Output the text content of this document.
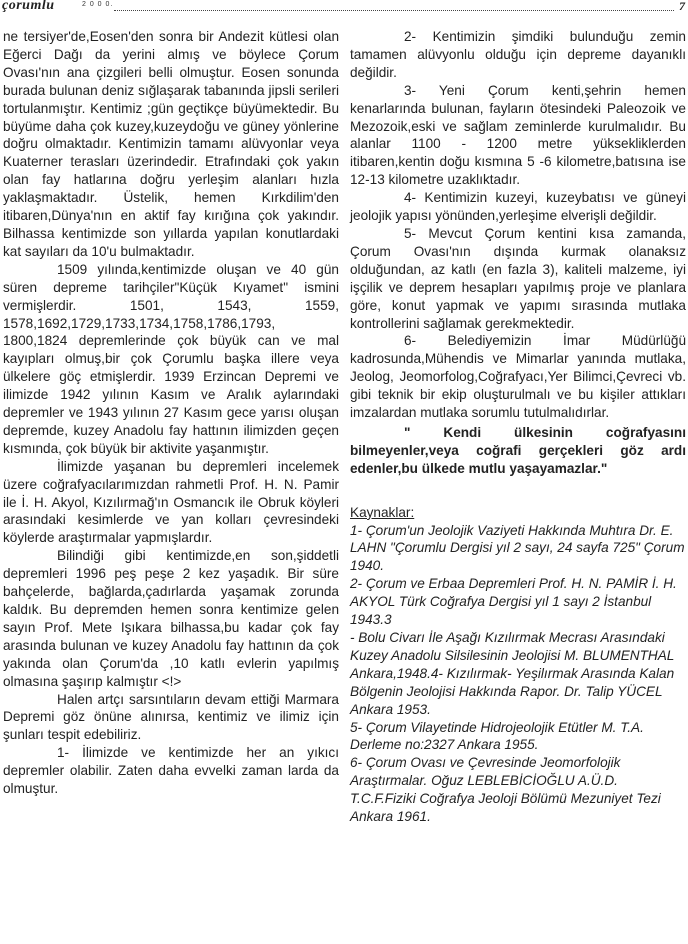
çorumlu	2 0 0 0.	7

ne tersiyer'de,Eosen'den sonra bir Andezit kütlesi olan Eğerci Dağı da yerini almış ve böylece Çorum Ovası'nın ana çizgileri belli olmuştur. Eosen sonunda burada bulunan deniz sığlaşarak tabanında jipsli serileri tortulanmıştır. Kentimiz ;gün geçtikçe büyümektedir. Bu büyüme daha çok kuzey,kuzeydoğu ve güney yönlerine doğru olmaktadır. Kentimizin tamamı alüvyonlar veya Kuaterner terasları üzerindedir. Etrafındaki çok yakın olan fay hatlarına doğru yerleşim alanları hızla yaklaşmaktadır. Üstelik, hemen Kırkdilim'den itibaren,Dünya'nın en aktif fay kırığına çok yakındır. Bilhassa kentimizde son yıllarda yapılan konutlardaki kat sayıları da 10'u bulmaktadır.

1509 yılında,kentimizde oluşan ve 40 gün süren depreme tarihçiler"Küçük Kıyamet" ismini vermişlerdir. 1501, 1543, 1559, 1578,1692,1729,1733,1734,1758,1786,1793, 1800,1824 depremlerinde çok büyük can ve mal kayıpları olmuş,bir çok Çorumlu başka illere veya ülkelere göç etmişlerdir. 1939 Erzincan Depremi ve ilimizde 1942 yılının Kasım ve Aralık aylarındaki depremler ve 1943 yılının 27 Kasım gece yarısı oluşan depremde, kuzey Anadolu fay hattının ilimizden geçen kısmında, çok büyük bir aktivite yaşanmıştır.

İlimizde yaşanan bu depremleri incelemek üzere coğrafyacılarımızdan rahmetli Prof. H. N. Pamir ile İ. H. Akyol, Kızılırmağ'ın Osmancık ile Obruk köyleri arasındaki kesimlerde ve yan kolları çevresindeki köylerde araştırmalar yapmışlardır.

Bilindiği gibi kentimizde,en son,şiddetli depremleri 1996 peş peşe 2 kez yaşadık. Bir süre bahçelerde, bağlarda,çadırlarda yaşamak zorunda kaldık. Bu depremden hemen sonra kentimize gelen sayın Prof. Mete Işıkara bilhassa,bu kadar çok fay arasında bulunan ve kuzey Anadolu fay hattının da çok yakında olan Çorum'da ,10 katlı evlerin yapılmış olmasına şaşırıp kalmıştır <!>

Halen artçı sarsıntıların devam ettiği Marmara Depremi göz önüne alınırsa, kentimiz ve ilimiz için şunları tespit edebiliriz.

1- İlimizde ve kentimizde her an yıkıcı depremler olabilir. Zaten daha evvelki zaman larda da olmuştur.

2- Kentimizin şimdiki bulunduğu zemin tamamen alüvyonlu olduğu için depreme dayanıklı değildir.

3- Yeni Çorum kenti,şehrin hemen kenarlarında bulunan, fayların ötesindeki Paleozoik ve Mezozoik,eski ve sağlam zeminlerde kurulmalıdır. Bu alanlar 1100 - 1200 metre yüksekliklerden itibaren,kentin doğu kısmına 5 -6 kilometre,batısına ise 12-13 kilometre uzaklıktadır.

4- Kentimizin kuzeyi, kuzeybatısı ve güneyi jeolojik yapısı yönünden,yerleşime elverişli değildir.

5- Mevcut Çorum kentini kısa zamanda, Çorum Ovası'nın dışında kurmak olanaksız olduğundan, az katlı (en fazla 3), kaliteli malzeme, iyi işçilik ve deprem hesapları yapılmış proje ve planlara göre, konut yapmak ve yapımı sırasında mutlaka kontrollerini sağlamak gerekmektedir.

6- Belediyemizin İmar Müdürlüğü kadrosunda,Mühendis ve Mimarlar yanında mutlaka, Jeolog, Jeomorfolog,Coğrafyacı,Yer Bilimci,Çevreci vb. gibi teknik bir ekip oluşturulmalı ve bu kişiler attıkları imzalardan mutlaka sorumlu tutulmalıdırlar.

" Kendi ülkesinin coğrafyasını bilmeyenler,veya coğrafi gerçekleri göz ardı edenler,bu ülkede mutlu yaşayamazlar."

Kaynaklar:

1- Çorum'un Jeolojik Vaziyeti Hakkında Muhtıra Dr. E. LAHN "Çorumlu Dergisi yıl 2 sayı, 24 sayfa 725" Çorum 1940.

2- Çorum ve Erbaa Depremleri Prof. H. N. PAMİR İ. H. AKYOL Türk Coğrafya Dergisi yıl 1 sayı 2 İstanbul 1943.3

- Bolu Civarı İle Aşağı Kızılırmak Mecrası Arasındaki Kuzey Anadolu Silsilesinin Jeolojisi M. BLUMENTHAL Ankara,1948.4- Kızılırmak- Yeşilırmak Arasında Kalan Bölgenin Jeolojisi Hakkında Rapor. Dr. Talip YÜCEL Ankara 1953.

5- Çorum Vilayetinde Hidrojeolojik Etütler M. T.A. Derleme no:2327 Ankara 1955.

6- Çorum Ovası ve Çevresinde Jeomorfolojik Araştırmalar. Oğuz LEBLEBİCİOĞLU A.Ü.D. T.C.F.Fiziki Coğrafya Jeoloji Bölümü Mezuniyet Tezi Ankara 1961.
